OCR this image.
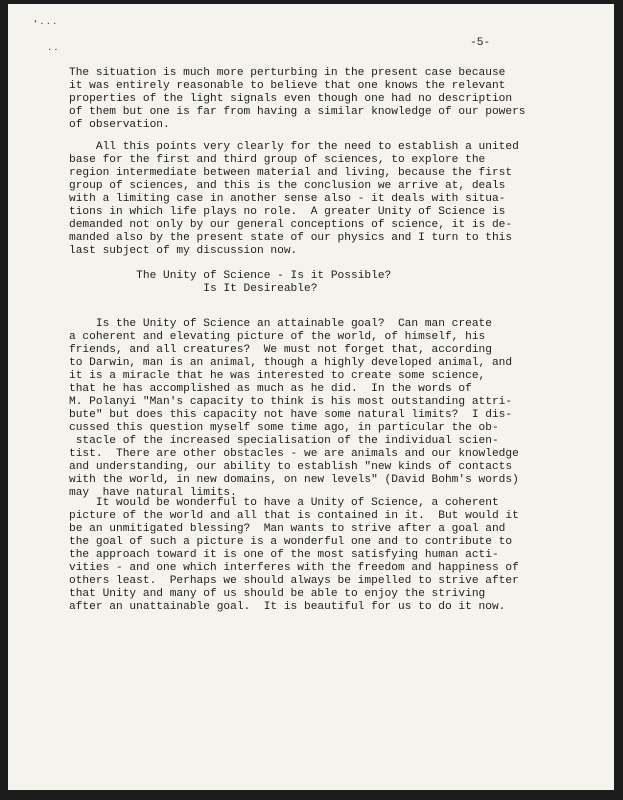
‘ · · ·
· ·
-5-
The situation is much more perturbing in the present case because
it was entirely reasonable to believe that one knows the relevant
properties of the light signals even though one had no description
of them but one is far from having a similar knowledge of our powers
of observation.
All this points very clearly for the need to establish a united
base for the first and third group of sciences, to explore the
region intermediate between material and living, because the first
group of sciences, and this is the conclusion we arrive at, deals
with a limiting case in another sense also - it deals with situa-
tions in which life plays no role.  A greater Unity of Science is
demanded not only by our general conceptions of science, it is de-
manded also by the present state of our physics and I turn to this
last subject of my discussion now.
The Unity of Science - Is it Possible?
Is It Desireable?
Is the Unity of Science an attainable goal?  Can man create
a coherent and elevating picture of the world, of himself, his
friends, and all creatures?  We must not forget that, according
to Darwin, man is an animal, though a highly developed animal, and
it is a miracle that he was interested to create some science,
that he has accomplished as much as he did.  In the words of
M. Polanyi "Man's capacity to think is his most outstanding attri-
bute" but does this capacity not have some natural limits?  I dis-
cussed this question myself some time ago, in particular the ob-
stacle of the increased specialisation of the individual scien-
tist.  There are other obstacles - we are animals and our knowledge
and understanding, our ability to establish "new kinds of contacts
with the world, in new domains, on new levels" (David Bohm's words)
may  have natural limits.
It would be wonderful to have a Unity of Science, a coherent
picture of the world and all that is contained in it.  But would it
be an unmitigated blessing?  Man wants to strive after a goal and
the goal of such a picture is a wonderful one and to contribute to
the approach toward it is one of the most satisfying human acti-
vities - and one which interferes with the freedom and happiness of
others least.  Perhaps we should always be impelled to strive after
that Unity and many of us should be able to enjoy the striving
after an unattainable goal.  It is beautiful for us to do it now.
